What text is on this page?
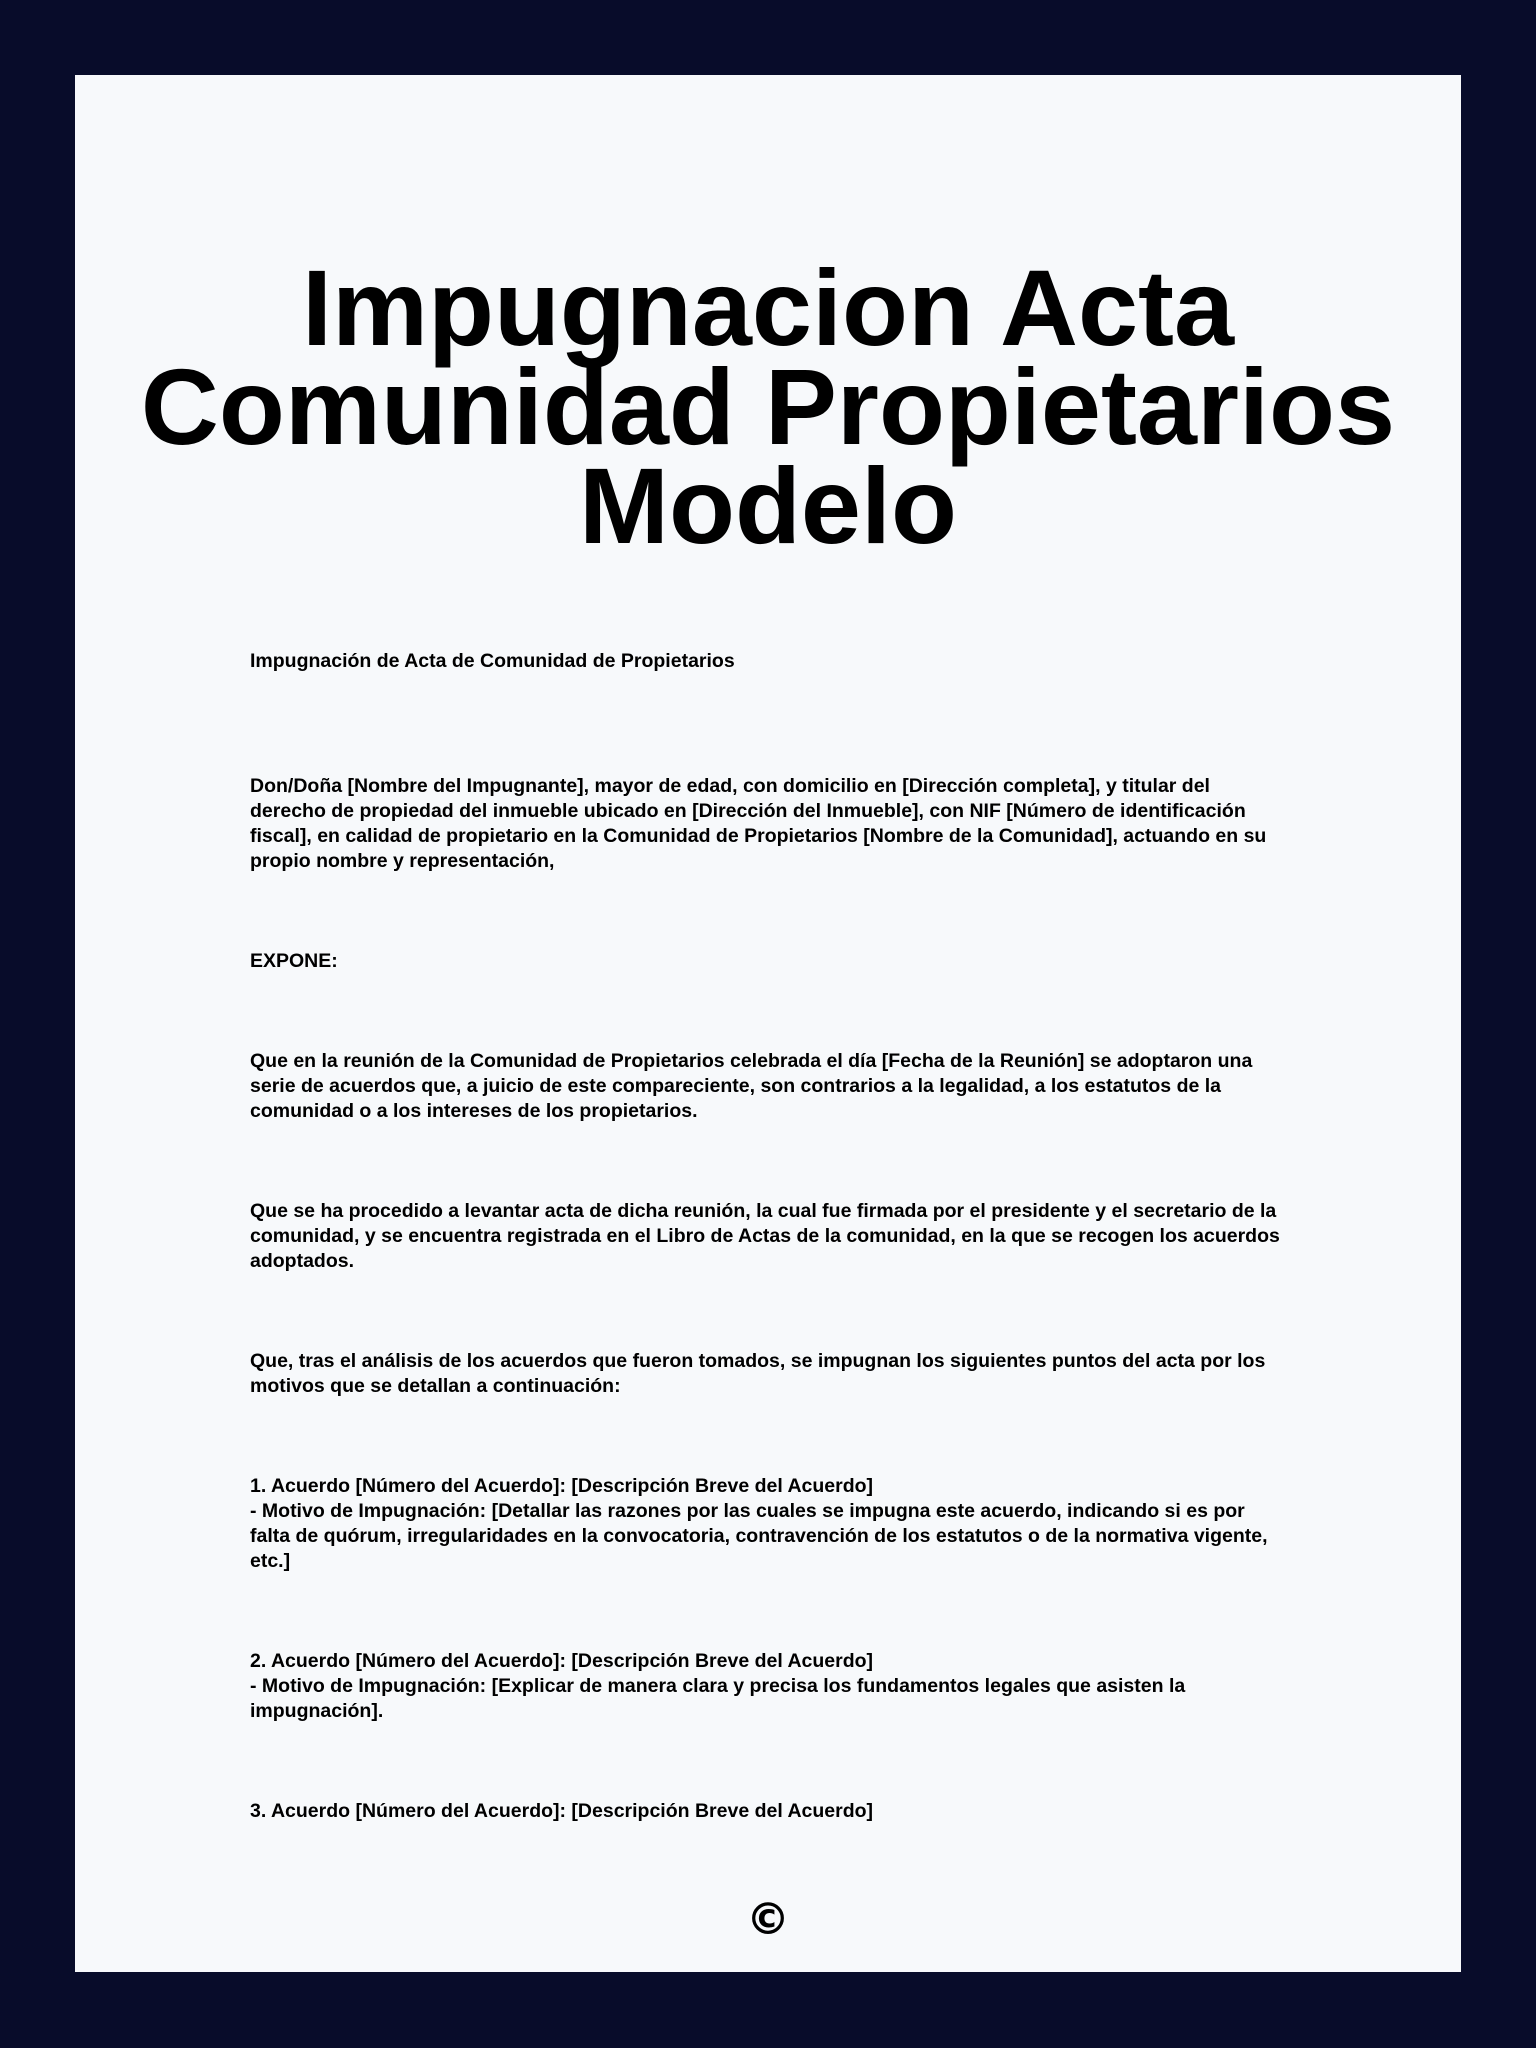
Impugnacion Acta Comunidad Propietarios Modelo

Impugnación de Acta de Comunidad de Propietarios

Don/Doña [Nombre del Impugnante], mayor de edad, con domicilio en [Dirección completa], y titular del derecho de propiedad del inmueble ubicado en [Dirección del Inmueble], con NIF [Número de identificación fiscal], en calidad de propietario en la Comunidad de Propietarios [Nombre de la Comunidad], actuando en su propio nombre y representación,

EXPONE:

Que en la reunión de la Comunidad de Propietarios celebrada el día [Fecha de la Reunión] se adoptaron una serie de acuerdos que, a juicio de este compareciente, son contrarios a la legalidad, a los estatutos de la comunidad o a los intereses de los propietarios.

Que se ha procedido a levantar acta de dicha reunión, la cual fue firmada por el presidente y el secretario de la comunidad, y se encuentra registrada en el Libro de Actas de la comunidad, en la que se recogen los acuerdos adoptados.

Que, tras el análisis de los acuerdos que fueron tomados, se impugnan los siguientes puntos del acta por los motivos que se detallan a continuación:

1. Acuerdo [Número del Acuerdo]: [Descripción Breve del Acuerdo]
- Motivo de Impugnación: [Detallar las razones por las cuales se impugna este acuerdo, indicando si es por falta de quórum, irregularidades en la convocatoria, contravención de los estatutos o de la normativa vigente, etc.]

2. Acuerdo [Número del Acuerdo]: [Descripción Breve del Acuerdo]
- Motivo de Impugnación: [Explicar de manera clara y precisa los fundamentos legales que asisten la impugnación].

3. Acuerdo [Número del Acuerdo]: [Descripción Breve del Acuerdo]

©
